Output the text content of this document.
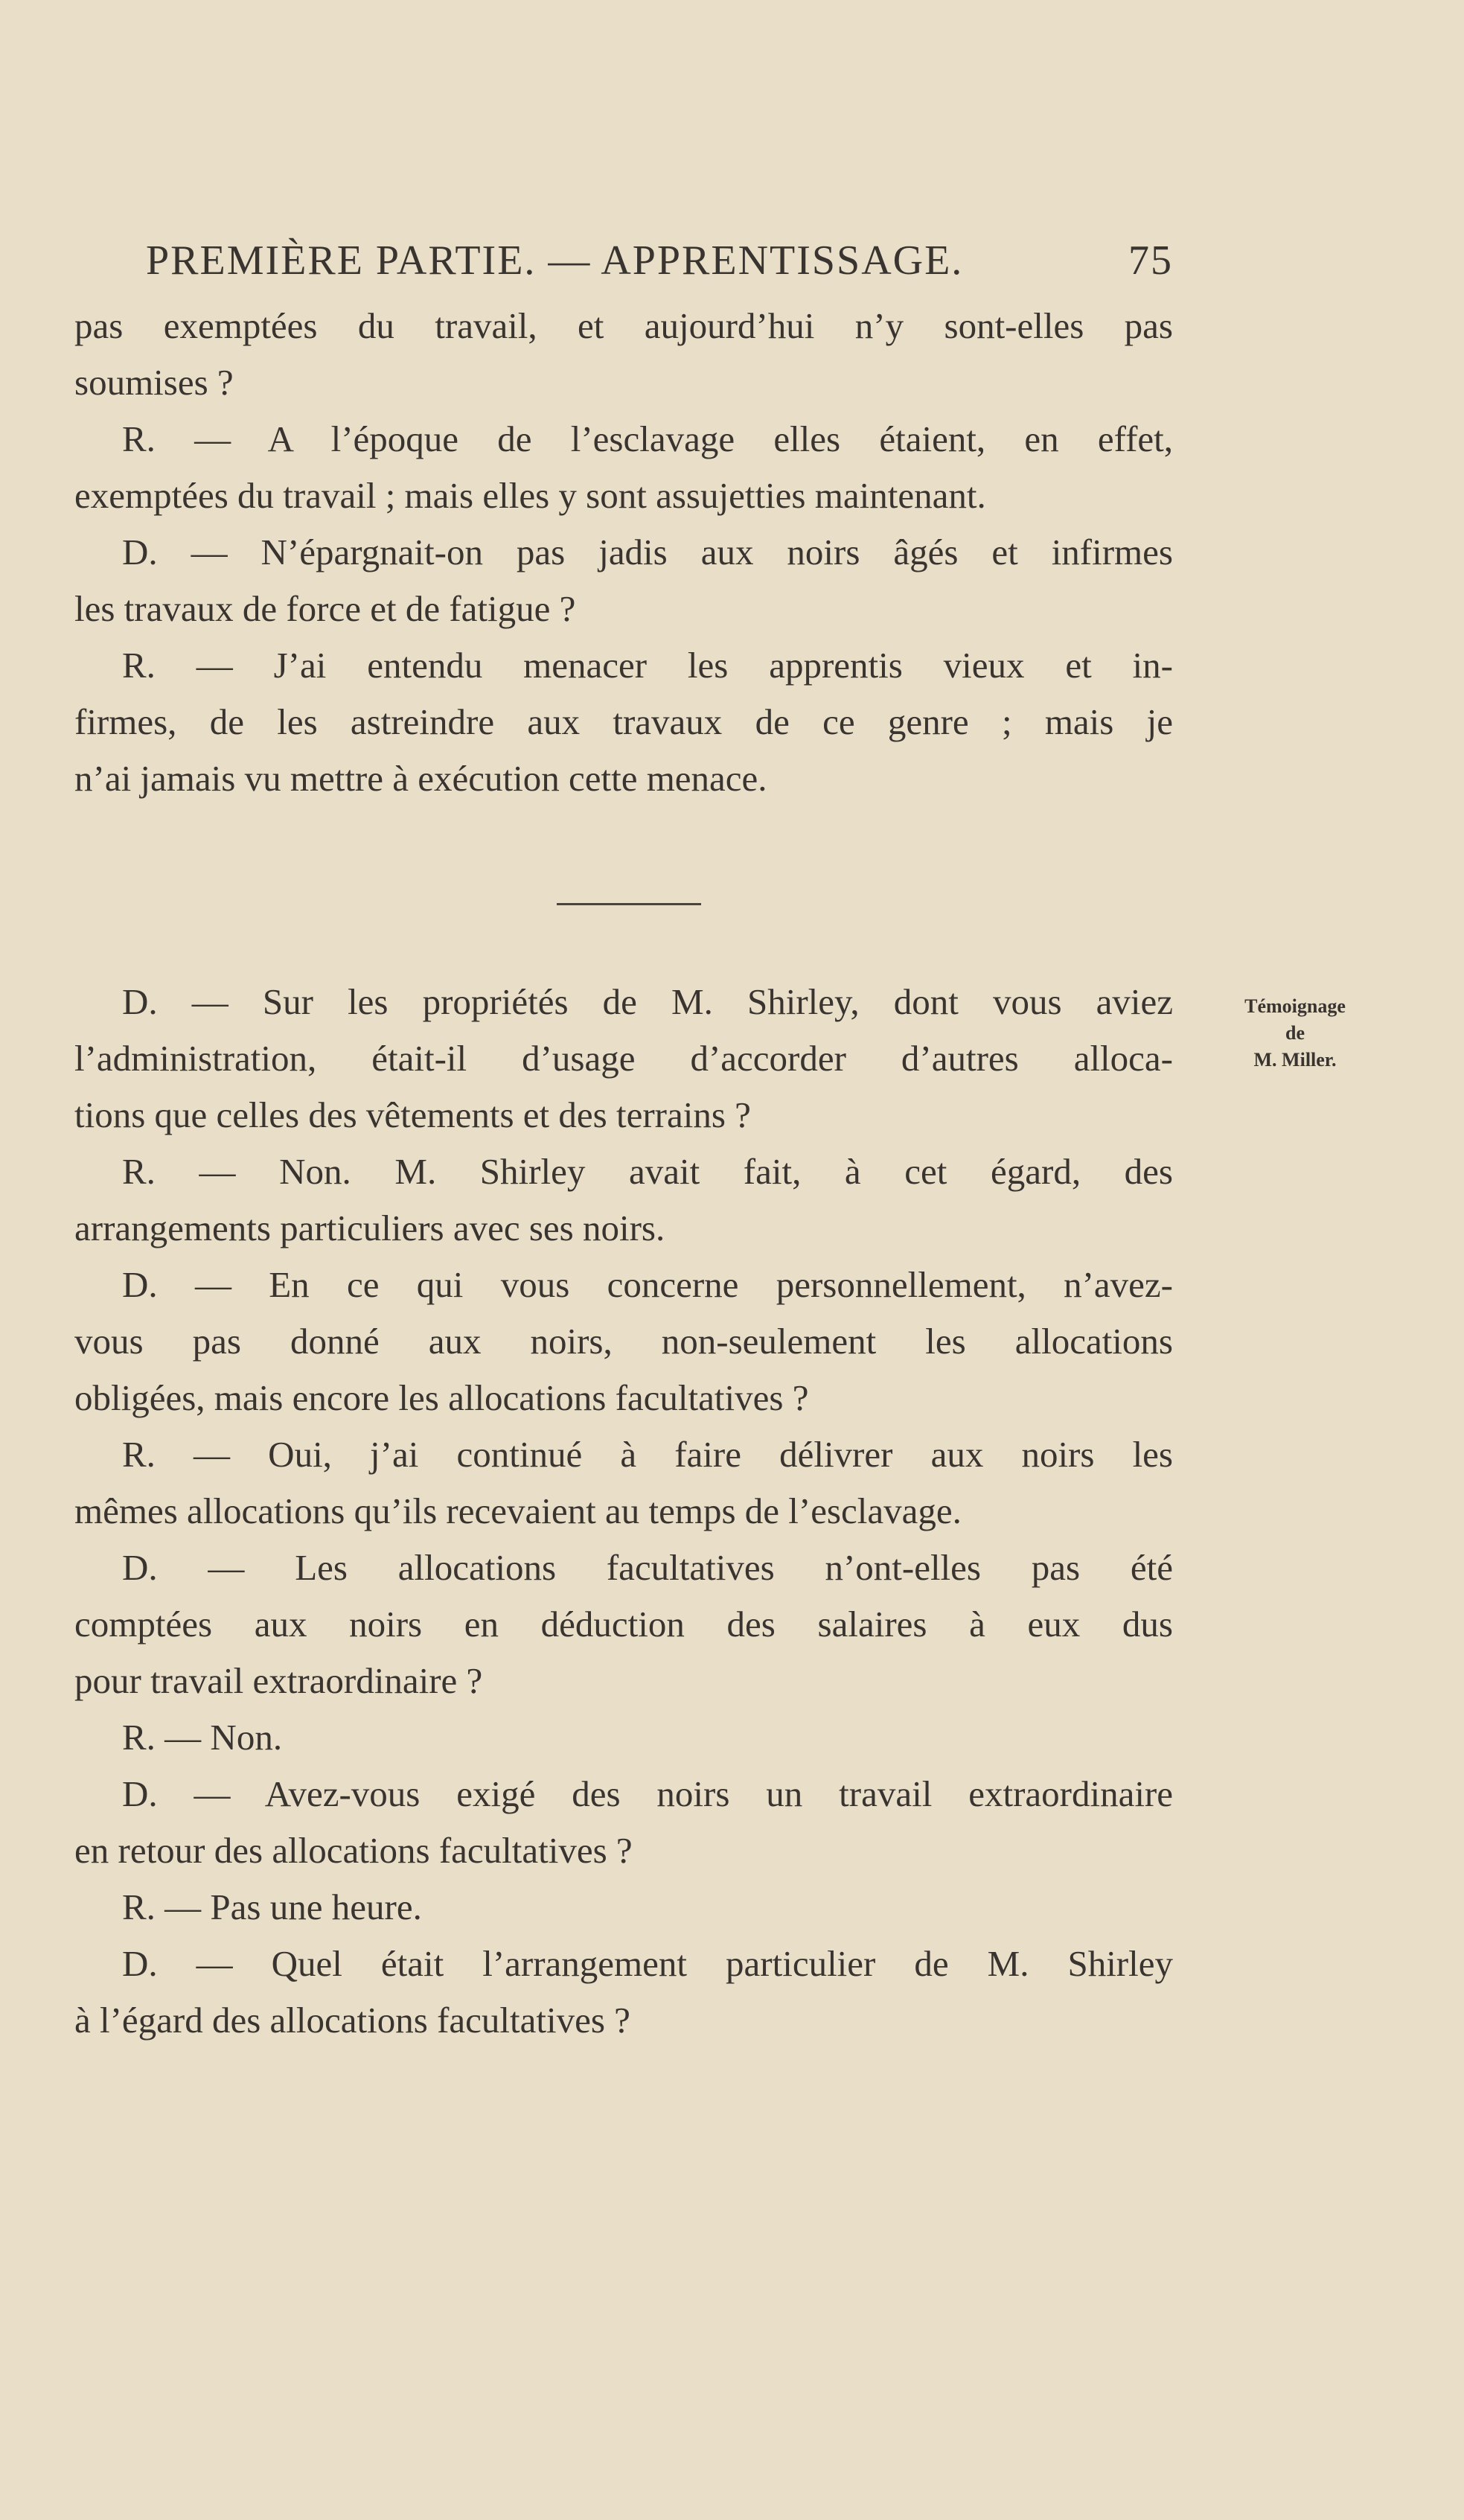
PREMIÈRE PARTIE. — APPRENTISSAGE.	75
pas exemptées du travail, et aujourd’hui n’y sont-elles pas
soumises ?
R. — A l’époque de l’esclavage elles étaient, en effet,
exemptées du travail ; mais elles y sont assujetties maintenant.
D. — N’épargnait-on pas jadis aux noirs âgés et infirmes
les travaux de force et de fatigue ?
R. — J’ai entendu menacer les apprentis vieux et in-
firmes, de les astreindre aux travaux de ce genre ; mais je
n’ai jamais vu mettre à exécution cette menace.
D. — Sur les propriétés de M. Shirley, dont vous aviez
l’administration, était-il d’usage d’accorder d’autres alloca-
tions que celles des vêtements et des terrains ?
R. — Non. M. Shirley avait fait, à cet égard, des
arrangements particuliers avec ses noirs.
D. — En ce qui vous concerne personnellement, n’avez-
vous pas donné aux noirs, non-seulement les allocations
obligées, mais encore les allocations facultatives ?
R. — Oui, j’ai continué à faire délivrer aux noirs les
mêmes allocations qu’ils recevaient au temps de l’esclavage.
D. — Les allocations facultatives n’ont-elles pas été
comptées aux noirs en déduction des salaires à eux dus
pour travail extraordinaire ?
R. — Non.
D. — Avez-vous exigé des noirs un travail extraordinaire
en retour des allocations facultatives ?
R. — Pas une heure.
D. — Quel était l’arrangement particulier de M. Shirley
à l’égard des allocations facultatives ?
Témoignage
de
M. Miller.
